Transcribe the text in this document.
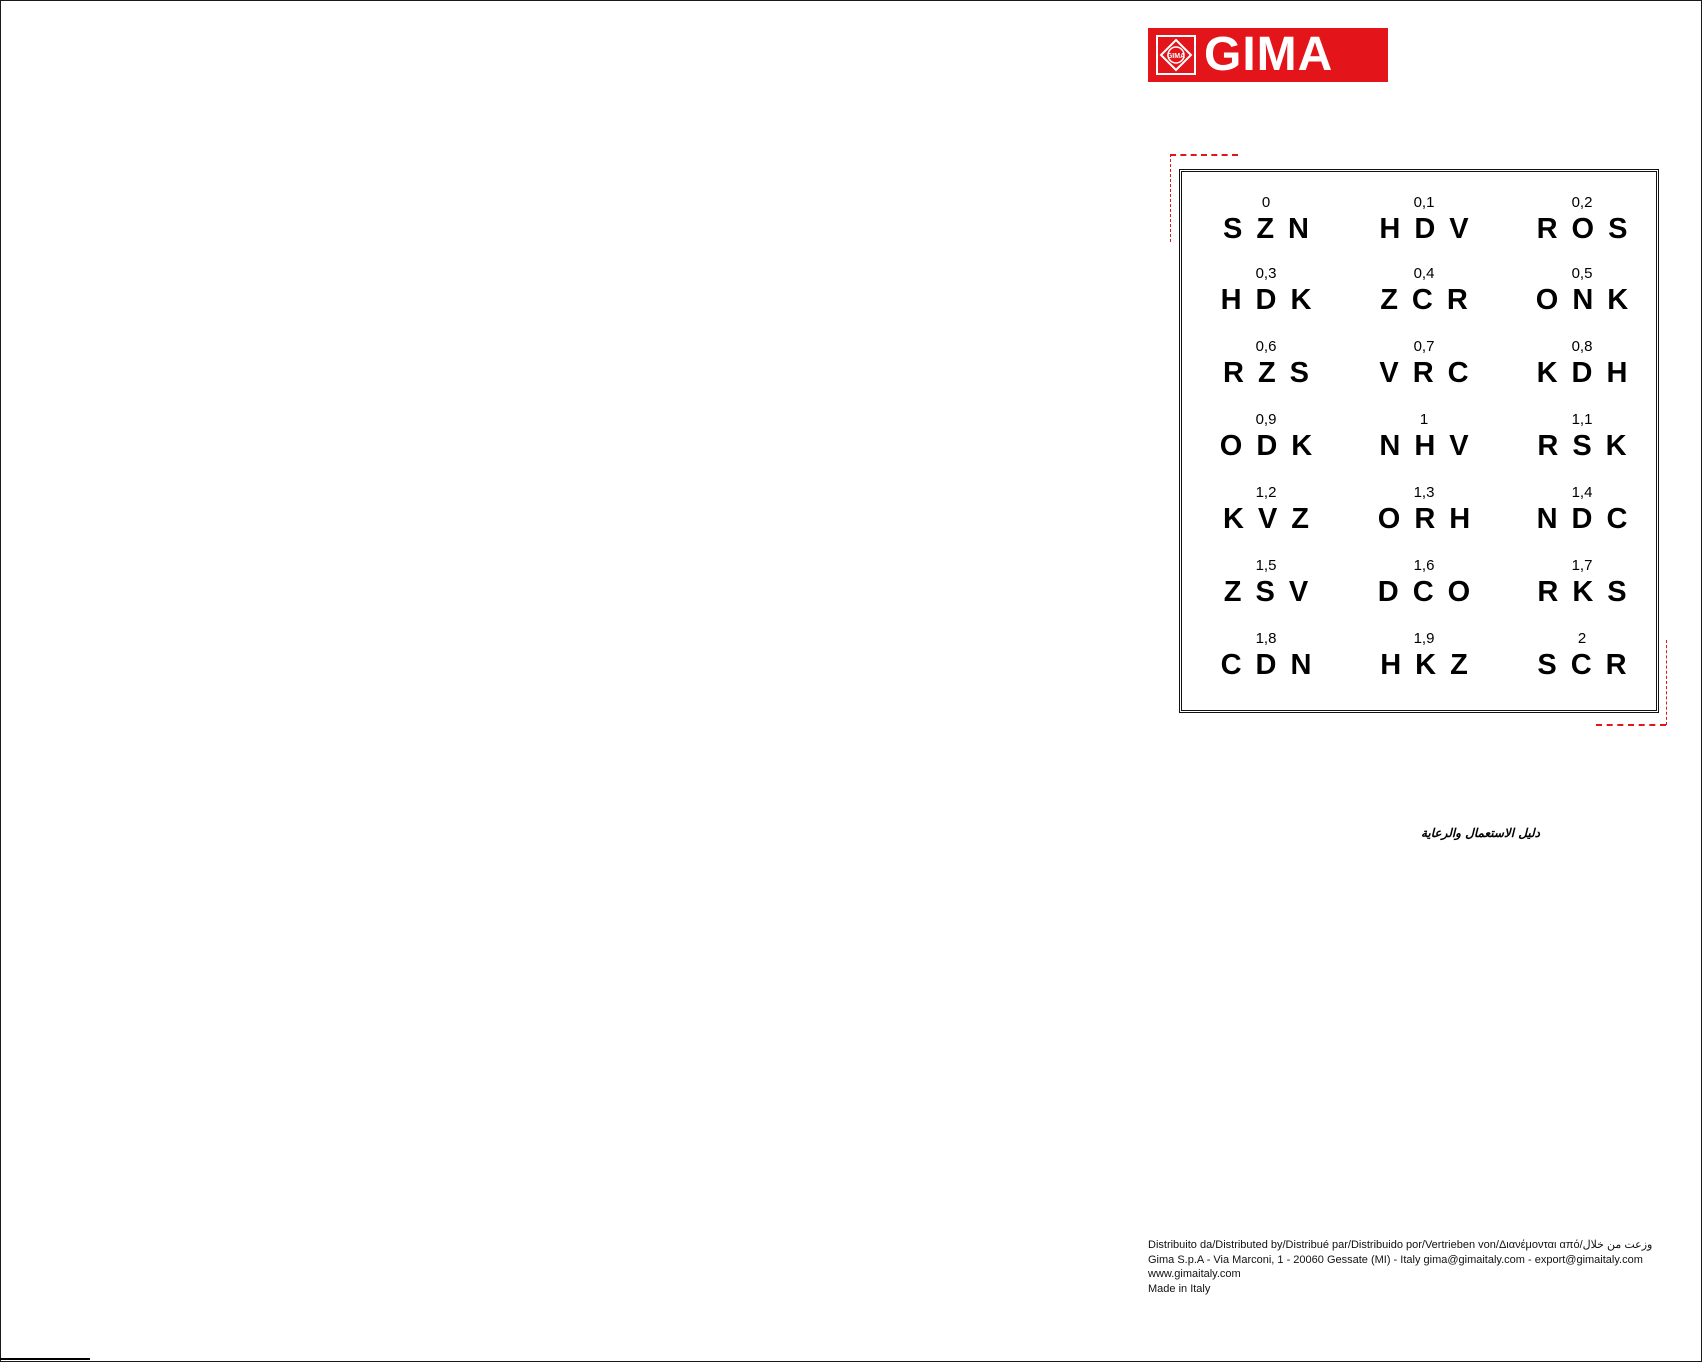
GIMA GIMA
0
SZN
0,1
HDV
0,2
ROS
0,3
HDK
0,4
ZCR
0,5
ONK
0,6
RZS
0,7
VRC
0,8
KDH
0,9
ODK
1
NHV
1,1
RSK
1,2
KVZ
1,3
ORH
1,4
NDC
1,5
ZSV
1,6
DCO
1,7
RKS
1,8
CDN
1,9
HKZ
2
SCR
دليل الاستعمال والرعاية
Distribuito da/Distributed by/Distribué par/Distribuido por/Vertrieben von/Διανέμονται από/وزعت من خلال
Gima S.p.A - Via Marconi, 1 - 20060 Gessate (MI) - Italy gima@gimaitaly.com - export@gimaitaly.com
www.gimaitaly.com
Made in Italy
